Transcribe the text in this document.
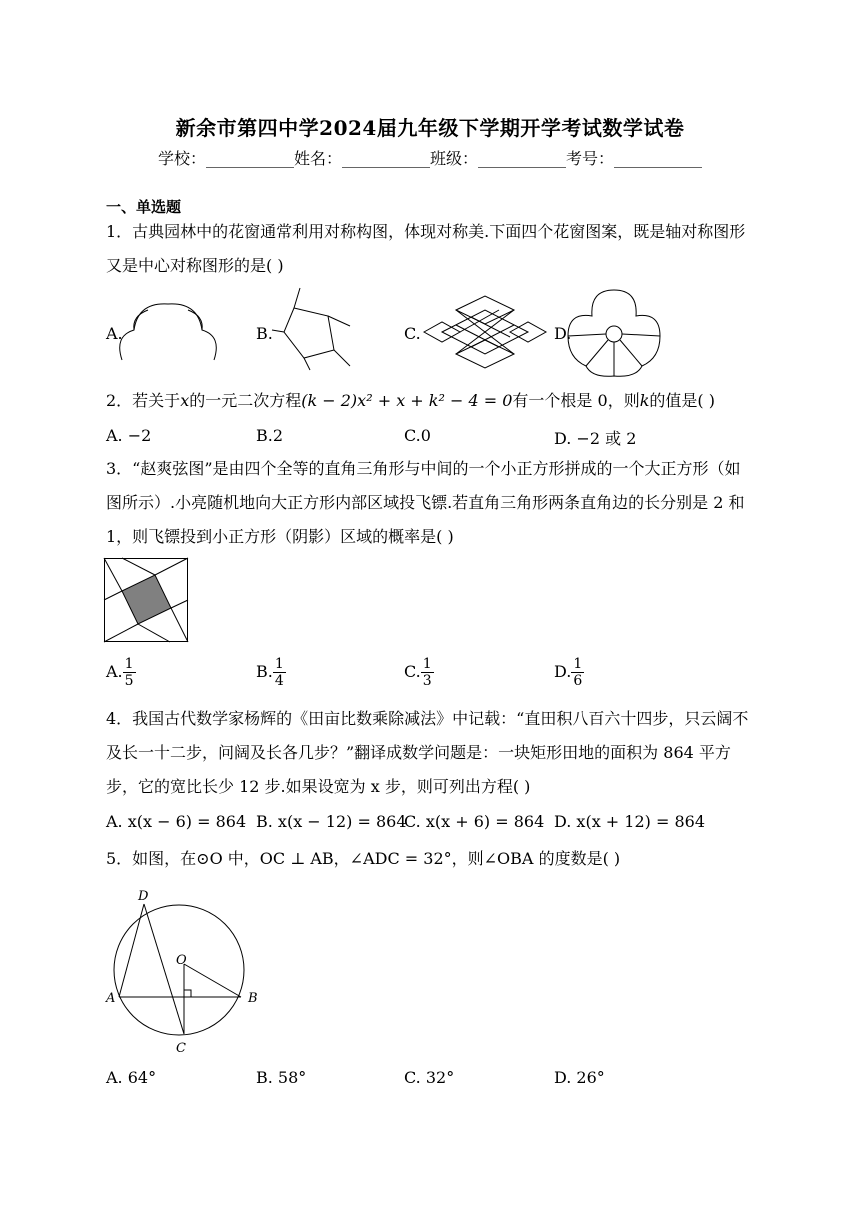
新余市第四中学2024届九年级下学期开学考试数学试卷
学校：___________姓名：___________班级：___________考号：___________
一、单选题
1．古典园林中的花窗通常利用对称构图，体现对称美.下面四个花窗图案，既是轴对称图形又是中心对称图形的是( )
A.	B.	C.	D.
2．若关于x的一元二次方程(k − 2)x² + x + k² − 4 = 0有一个根是 0，则k的值是( )
A. −2	B.2	C.0	D. −2 或 2
3．“赵爽弦图”是由四个全等的直角三角形与中间的一个小正方形拼成的一个大正方形（如图所示）.小亮随机地向大正方形内部区域投飞镖.若直角三角形两条直角边的长分别是 2 和 1，则飞镖投到小正方形（阴影）区域的概率是( )
A. $\frac{1}{5}$	B. $\frac{1}{4}$	C. $\frac{1}{3}$	D. $\frac{1}{6}$
4．我国古代数学家杨辉的《田亩比数乘除减法》中记载：“直田积八百六十四步，只云阔不及长一十二步，问阔及长各几步？”翻译成数学问题是：一块矩形田地的面积为 864 平方步，它的宽比长少 12 步.如果设宽为 x 步，则可列出方程( )
A. x(x − 6) = 864 B. x(x − 12) = 864
C. x(x + 6) = 864 D. x(x + 12) = 864
5．如图，在⊙O 中，OC ⊥ AB，∠ADC = 32°，则∠OBA 的度数是( )
D
O
A	B
C
A. 64°	B. 58°	C. 32°	D. 26°
